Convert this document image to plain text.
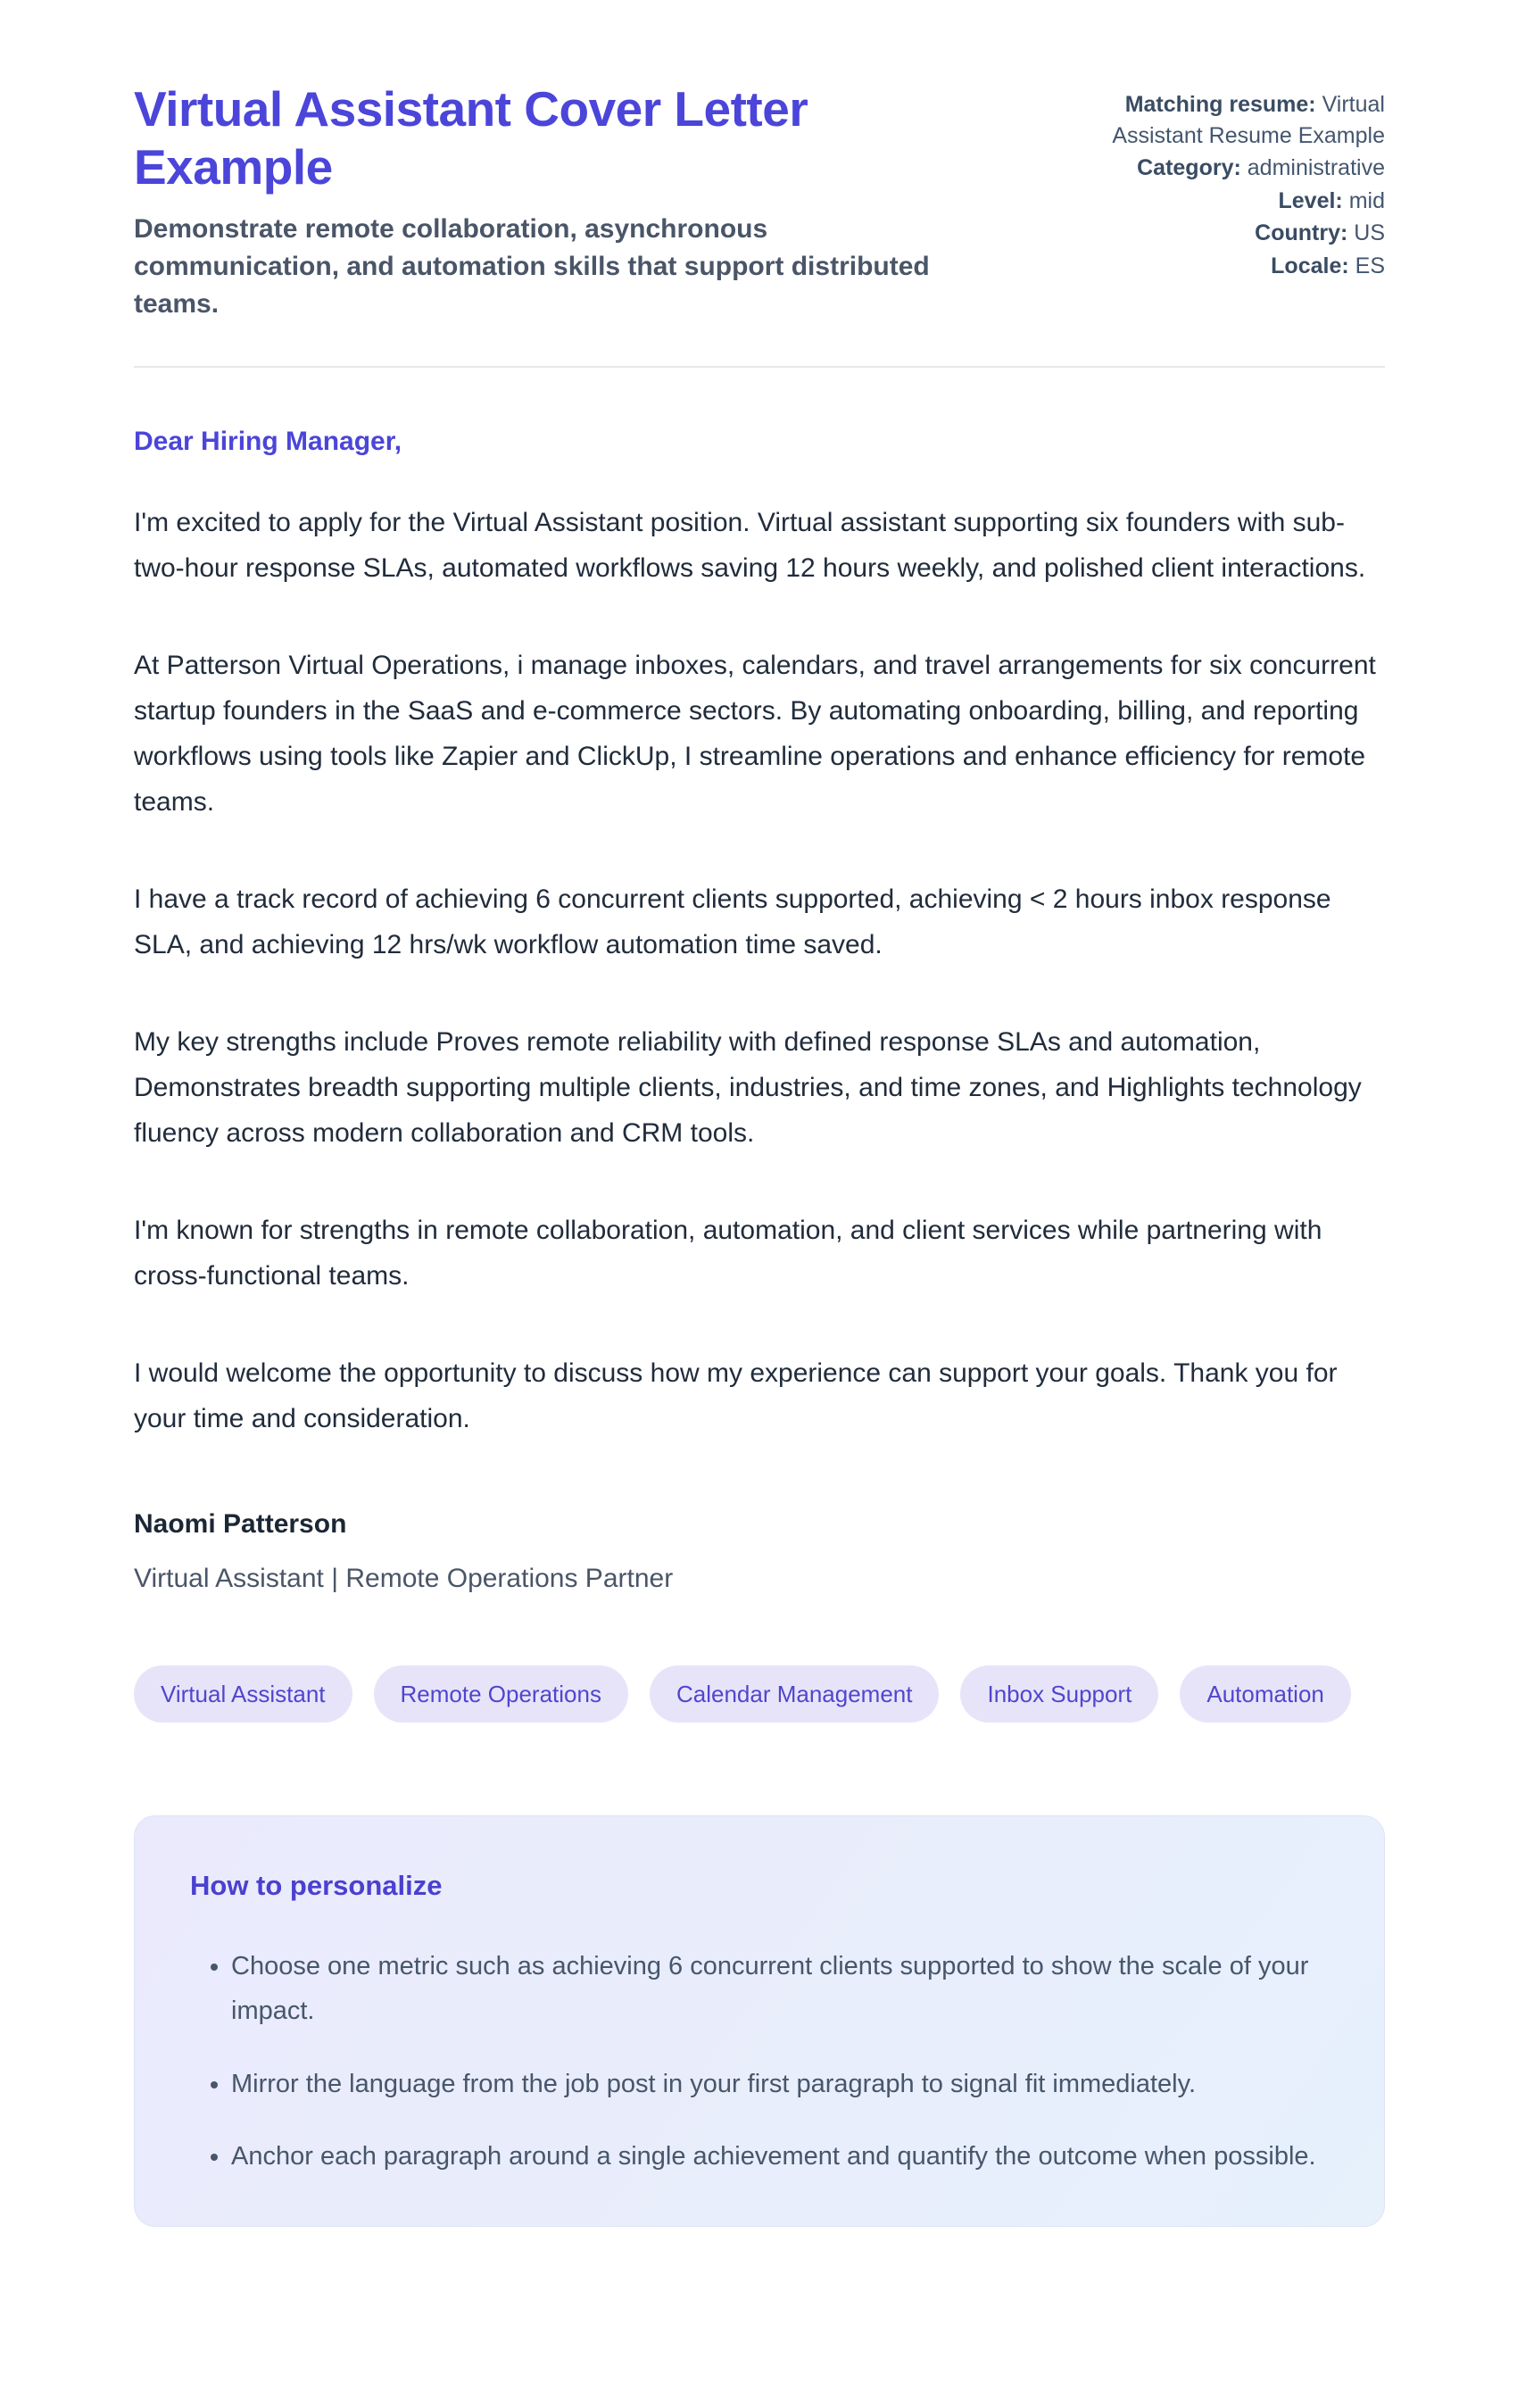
Virtual Assistant Cover Letter Example

Demonstrate remote collaboration, asynchronous communication, and automation skills that support distributed teams.

Matching resume: Virtual Assistant Resume Example

Category: administrative

Level: mid

Country: US

Locale: ES

Dear Hiring Manager,

I'm excited to apply for the Virtual Assistant position. Virtual assistant supporting six founders with sub-two-hour response SLAs, automated workflows saving 12 hours weekly, and polished client interactions.

At Patterson Virtual Operations, i manage inboxes, calendars, and travel arrangements for six concurrent startup founders in the SaaS and e-commerce sectors. By automating onboarding, billing, and reporting workflows using tools like Zapier and ClickUp, I streamline operations and enhance efficiency for remote teams.

I have a track record of achieving 6 concurrent clients supported, achieving < 2 hours inbox response SLA, and achieving 12 hrs/wk workflow automation time saved.

My key strengths include Proves remote reliability with defined response SLAs and automation, Demonstrates breadth supporting multiple clients, industries, and time zones, and Highlights technology fluency across modern collaboration and CRM tools.

I'm known for strengths in remote collaboration, automation, and client services while partnering with cross-functional teams.

I would welcome the opportunity to discuss how my experience can support your goals. Thank you for your time and consideration.

Naomi Patterson

Virtual Assistant | Remote Operations Partner

Virtual Assistant	Remote Operations	Calendar Management	Inbox Support	Automation
How to personalize
• Choose one metric such as achieving 6 concurrent clients supported to show the scale of your impact.
• Mirror the language from the job post in your first paragraph to signal fit immediately.
• Anchor each paragraph around a single achievement and quantify the outcome when possible.
